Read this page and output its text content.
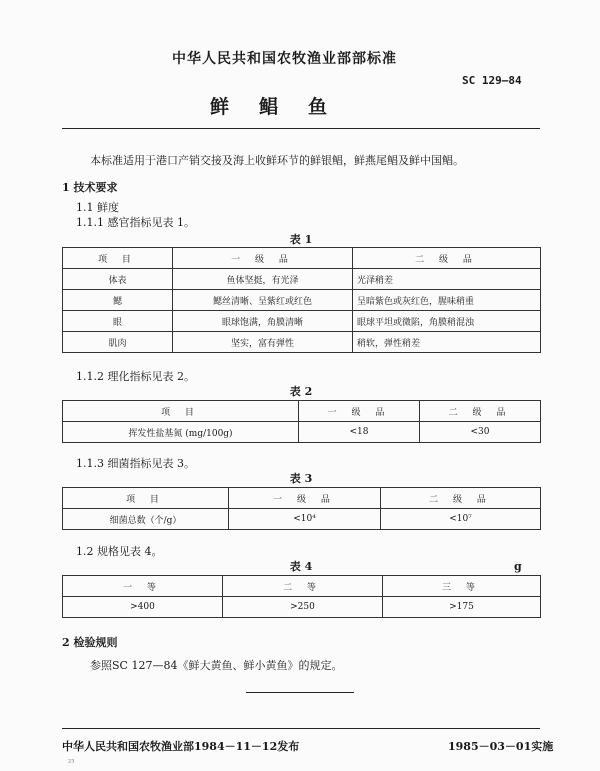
中华人民共和国农牧渔业部部标准
SC 129—84
鲜鲳鱼
本标准适用于港口产销交接及海上收鲜环节的鲜银鲳，鲜燕尾鲳及鲜中国鲳。
1 技术要求
1.1 鲜度
1.1.1 感官指标见表 1。
表 1
项 目	一 级 品	二 级 品
体表	鱼体坚挺，有光泽	光泽稍差
鳃	鳃丝清晰、呈紫红或红色	呈暗紫色或灰红色，腥味稍重
眼	眼球饱满，角膜清晰	眼球平坦或微陷，角膜稍混浊
肌肉	坚实，富有弹性	稍软，弹性稍差
1.1.2 理化指标见表 2。
表 2
项 目	一 级 品	二 级 品
挥发性盐基氮 (mg/100g)	<18	<30
1.1.3 细菌指标见表 3。
表 3
项 目	一 级 品	二 级 品
细菌总数（个/g）	<10⁴	<10⁷
1.2 规格见表 4。
表 4	g
一 等	二 等	三 等
>400	>250	>175
2 检验规则
参照SC 127—84《鲜大黄鱼、鲜小黄鱼》的规定。
中华人民共和国农牧渔业部1984－11－12发布	1985－03－01实施
²³
